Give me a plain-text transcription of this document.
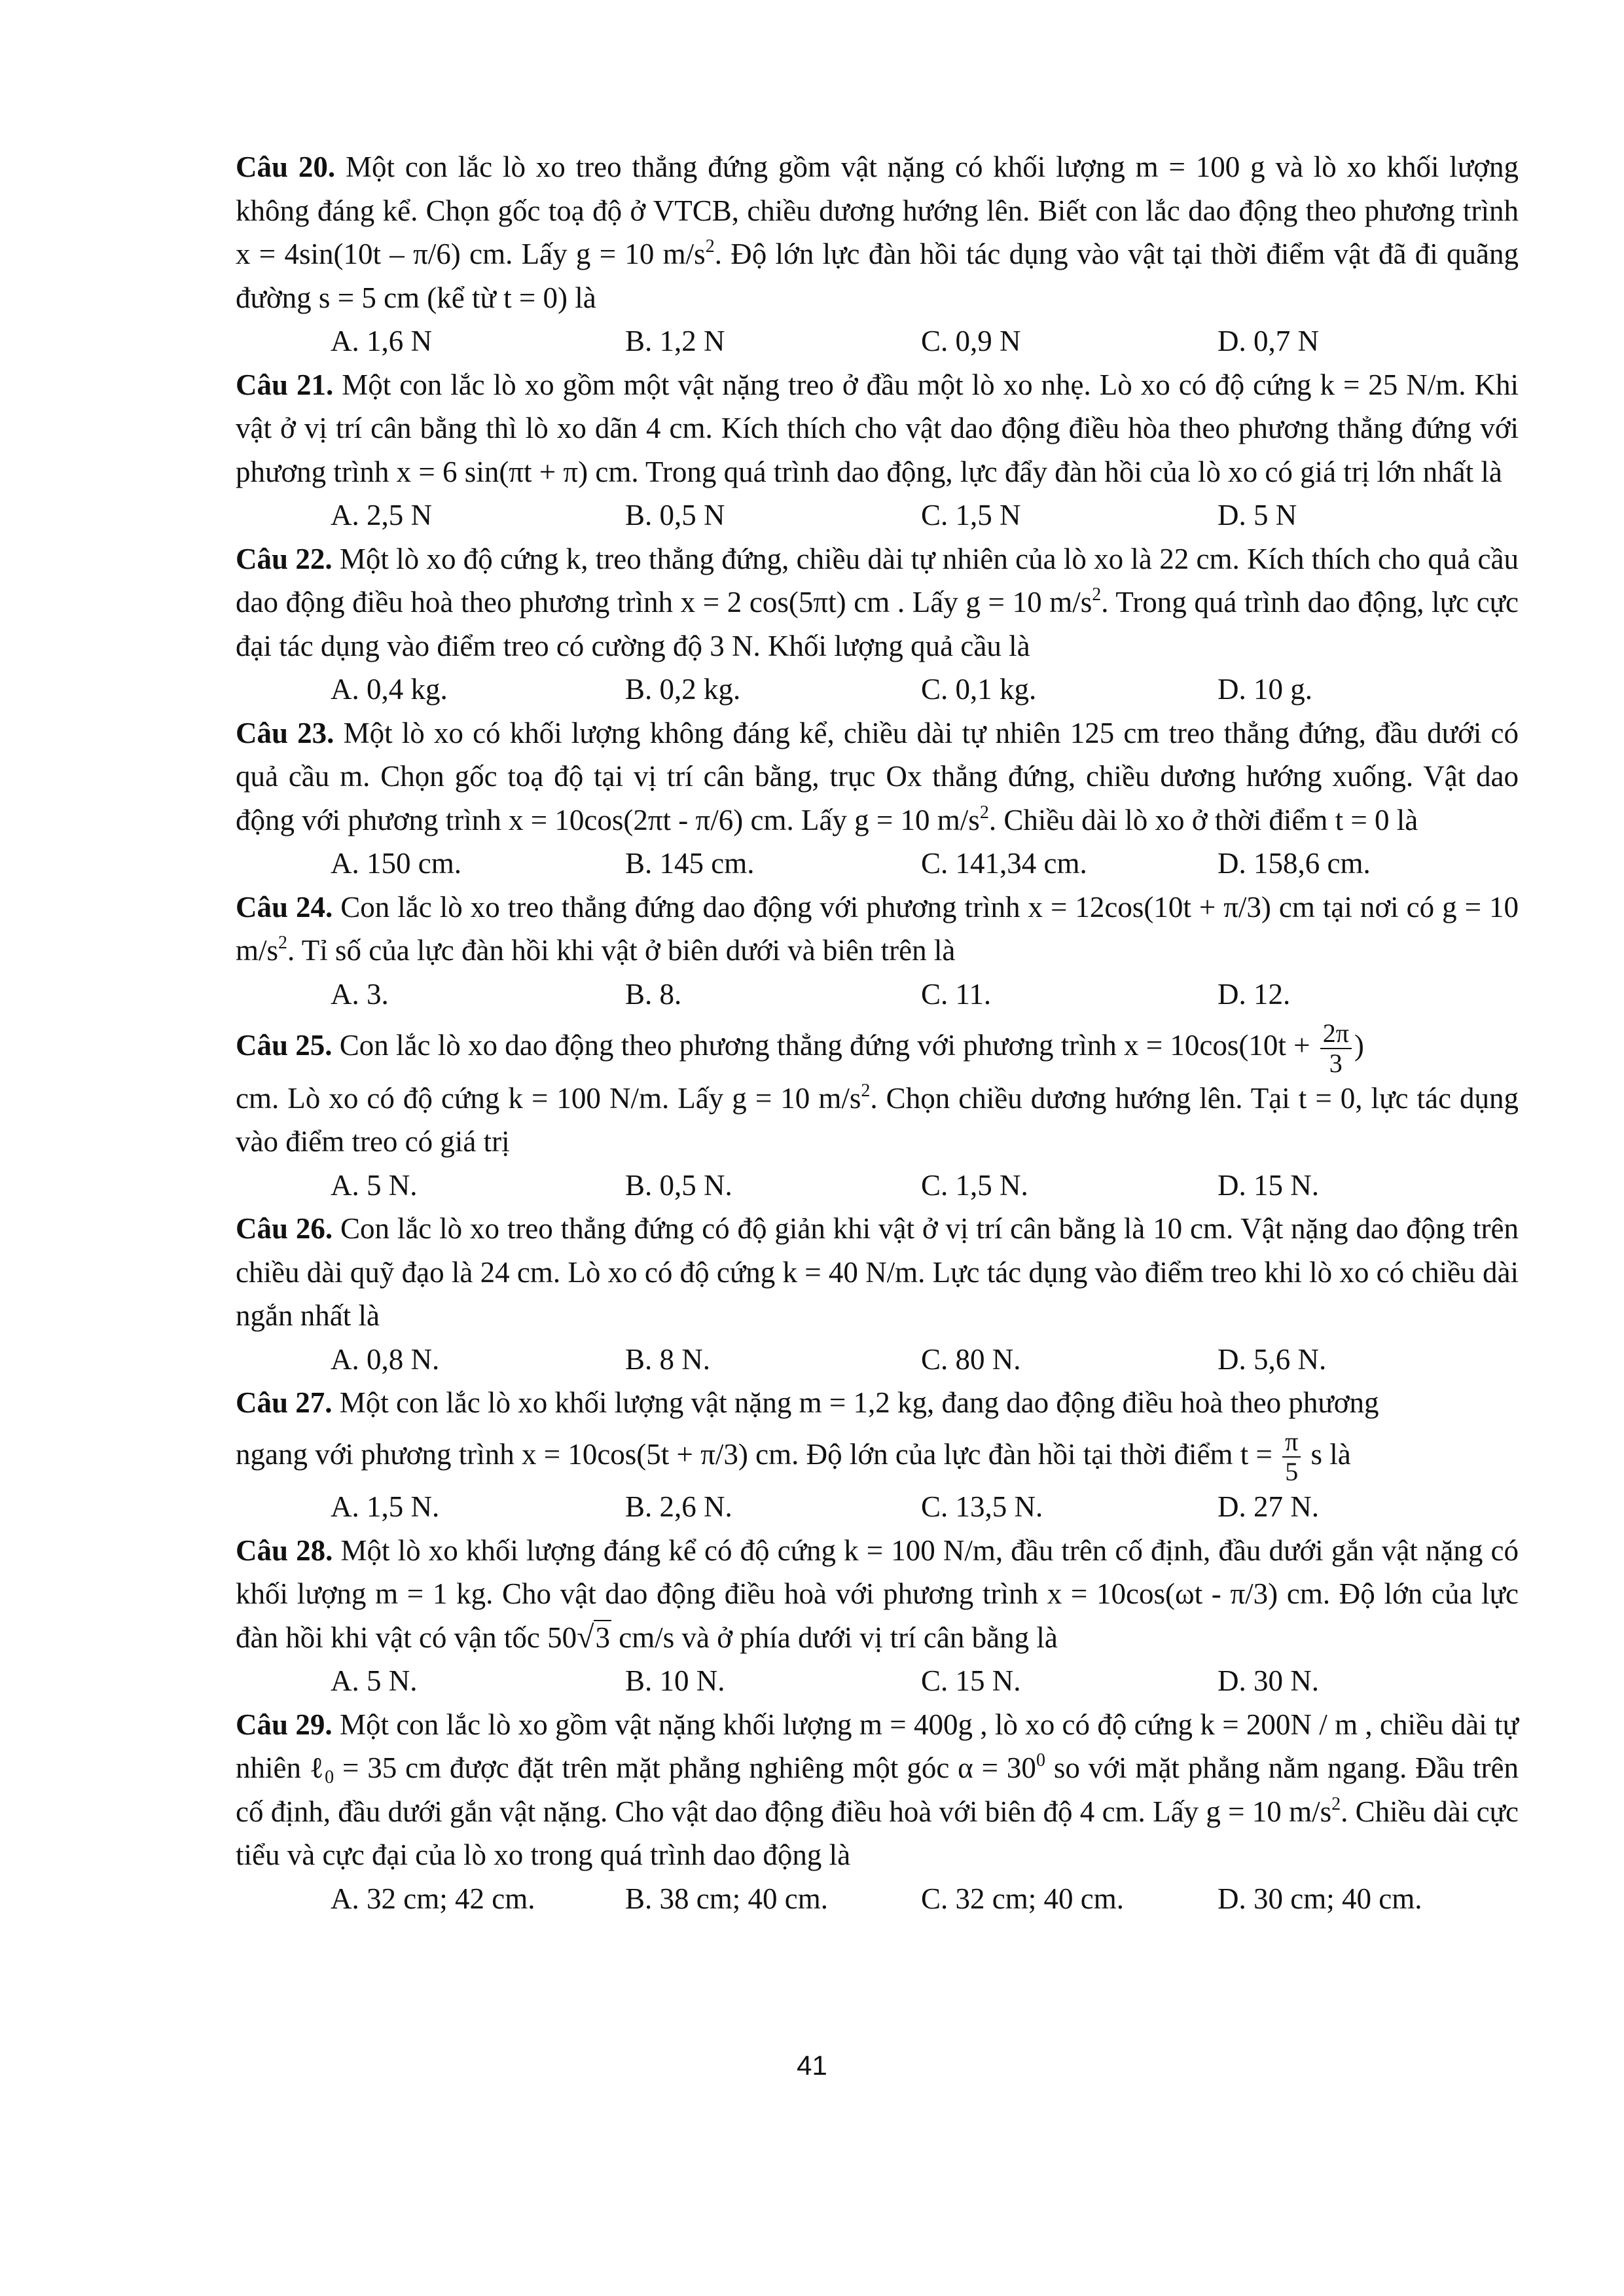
Câu 20. Một con lắc lò xo treo thẳng đứng gồm vật nặng có khối lượng m = 100 g và lò xo khối lượng không đáng kể. Chọn gốc toạ độ ở VTCB, chiều dương hướng lên. Biết con lắc dao động theo phương trình x = 4sin(10t – π/6) cm. Lấy g = 10 $m/s^2$. Độ lớn lực đàn hồi tác dụng vào vật tại thời điểm vật đã đi quãng đường s = 5 cm (kể từ t = 0) là

A. 1,6 N	B. 1,2 N	C. 0,9 N	D. 0,7 N

Câu 21. Một con lắc lò xo gồm một vật nặng treo ở đầu một lò xo nhẹ. Lò xo có độ cứng k = 25 N/m. Khi vật ở vị trí cân bằng thì lò xo dãn 4 cm. Kích thích cho vật dao động điều hòa theo phương thẳng đứng với phương trình x = 6 sin(πt + π) cm. Trong quá trình dao động, lực đẩy đàn hồi của lò xo có giá trị lớn nhất là

A. 2,5 N	B. 0,5 N	C. 1,5 N	D. 5 N

Câu 22. Một lò xo độ cứng k, treo thẳng đứng, chiều dài tự nhiên của lò xo là 22 cm. Kích thích cho quả cầu dao động điều hoà theo phương trình x = 2 cos(5πt) cm . Lấy g = 10 $m/s^2$. Trong quá trình dao động, lực cực đại tác dụng vào điểm treo có cường độ 3 N. Khối lượng quả cầu là

A. 0,4 kg.	B. 0,2 kg.	C. 0,1 kg.	D. 10 g.

Câu 23. Một lò xo có khối lượng không đáng kể, chiều dài tự nhiên 125 cm treo thẳng đứng, đầu dưới có quả cầu m. Chọn gốc toạ độ tại vị trí cân bằng, trục Ox thẳng đứng, chiều dương hướng xuống. Vật dao động với phương trình x = 10cos(2πt - π/6) cm. Lấy g = 10 $m/s^2$. Chiều dài lò xo ở thời điểm t = 0 là

A. 150 cm.	B. 145 cm.	C. 141,34 cm.	D. 158,6 cm.

Câu 24. Con lắc lò xo treo thẳng đứng dao động với phương trình x = 12cos(10t + π/3) cm tại nơi có g = 10 $m/s^2$. Tỉ số của lực đàn hồi khi vật ở biên dưới và biên trên là

A. 3.	B. 8.	C. 11.	D. 12.

Câu 25. Con lắc lò xo dao động theo phương thẳng đứng với phương trình $x = 10\cos(10t + \frac{2\pi}{3}$ )

cm. Lò xo có độ cứng k = 100 N/m. Lấy g = 10 $m/s^2$. Chọn chiều dương hướng lên. Tại t = 0, lực tác dụng vào điểm treo có giá trị

A. 5 N.	B. 0,5 N.	C. 1,5 N.	D. 15 N.

Câu 26. Con lắc lò xo treo thẳng đứng có độ giản khi vật ở vị trí cân bằng là 10 cm. Vật nặng dao động trên chiều dài quỹ đạo là 24 cm. Lò xo có độ cứng k = 40 N/m. Lực tác dụng vào điểm treo khi lò xo có chiều dài ngắn nhất là

A. 0,8 N.	B. 8 N.	C. 80 N.	D. 5,6 N.

Câu 27. Một con lắc lò xo khối lượng vật nặng m = 1,2 kg, đang dao động điều hoà theo phương

ngang với phương trình x = 10cos(5t + π/3) cm. Độ lớn của lực đàn hồi tại thời điểm $t = \frac{\pi}{5}$ s là

A. 1,5 N.	B. 2,6 N.	C. 13,5 N.	D. 27 N.

Câu 28. Một lò xo khối lượng đáng kể có độ cứng k = 100 N/m, đầu trên cố định, đầu dưới gắn vật nặng có khối lượng m = 1 kg. Cho vật dao động điều hoà với phương trình x = 10cos(ωt - π/3) cm. Độ lớn của lực đàn hồi khi vật có vận tốc 50√3 cm/s và ở phía dưới vị trí cân bằng là

A. 5 N.	B. 10 N.	C. 15 N.	D. 30 N.

Câu 29. Một con lắc lò xo gồm vật nặng khối lượng m = 400g , lò xo có độ cứng k = 200N / m , chiều dài tự nhiên ℓ$_0$ = 35 cm được đặt trên mặt phẳng nghiêng một góc $\alpha = 30^0$ so với mặt phẳng nằm ngang. Đầu trên cố định, đầu dưới gắn vật nặng. Cho vật dao động điều hoà với biên độ 4 cm. Lấy g = 10 $m/s^2$. Chiều dài cực tiểu và cực đại của lò xo trong quá trình dao động là

A. 32 cm; 42 cm.	B. 38 cm; 40 cm.	C. 32 cm; 40 cm.	D. 30 cm; 40 cm.
41
